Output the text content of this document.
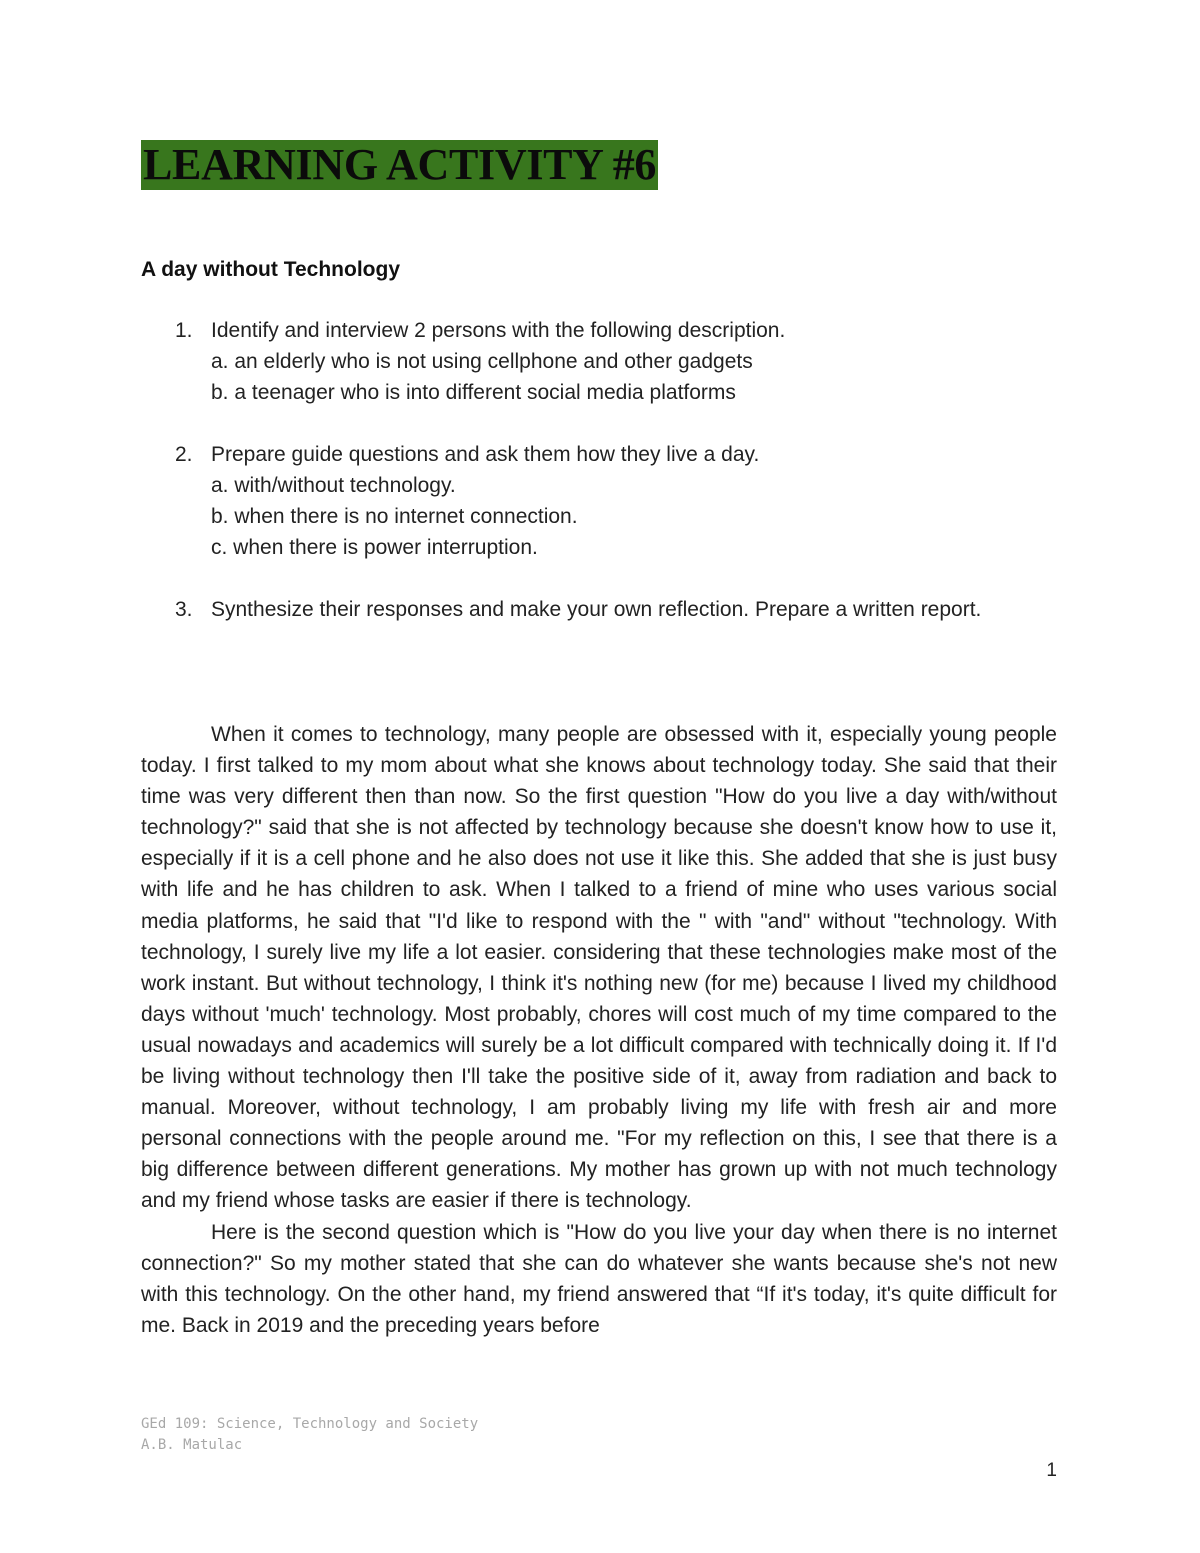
LEARNING ACTIVITY #6
A day without Technology
1. Identify and interview 2 persons with the following description.
a. an elderly who is not using cellphone and other gadgets
b. a teenager who is into different social media platforms
2. Prepare guide questions and ask them how they live a day.
a. with/without technology.
b. when there is no internet connection.
c. when there is power interruption.
3. Synthesize their responses and make your own reflection. Prepare a written report.

When it comes to technology, many people are obsessed with it, especially young people today. I first talked to my mom about what she knows about technology today. She said that their time was very different then than now. So the first question "How do you live a day with/without technology?" said that she is not affected by technology because she doesn't know how to use it, especially if it is a cell phone and he also does not use it like this. She added that she is just busy with life and he has children to ask. When I talked to a friend of mine who uses various social media platforms, he said that "I'd like to respond with the " with "and" without "technology. With technology, I surely live my life a lot easier. considering that these technologies make most of the work instant. But without technology, I think it's nothing new (for me) because I lived my childhood days without 'much' technology. Most probably, chores will cost much of my time compared to the usual nowadays and academics will surely be a lot difficult compared with technically doing it. If I'd be living without technology then I'll take the positive side of it, away from radiation and back to manual. Moreover, without technology, I am probably living my life with fresh air and more personal connections with the people around me. "For my reflection on this, I see that there is a big difference between different generations. My mother has grown up with not much technology and my friend whose tasks are easier if there is technology.

Here is the second question which is "How do you live your day when there is no internet connection?" So my mother stated that she can do whatever she wants because she's not new with this technology. On the other hand, my friend answered that “If it's today, it's quite difficult for me. Back in 2019 and the preceding years before

GEd 109: Science, Technology and Society
A.B. Matulac
1
